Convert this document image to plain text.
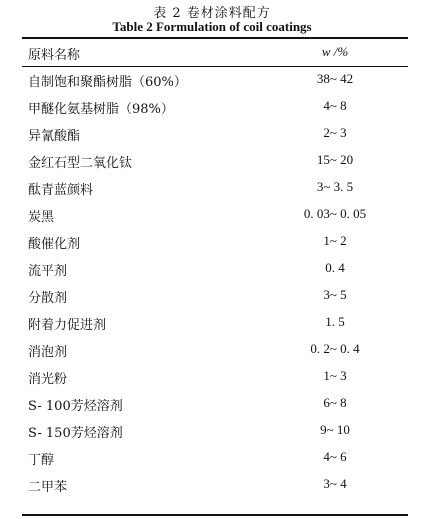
表 2 卷材涂料配方
Table 2 Formulation of coil coatings
原料名称	w /%
自制饱和聚酯树脂（60%）	38~ 42
甲醚化氨基树脂（98%）	4~ 8
异氰酸酯	2~ 3
金红石型二氧化钛	15~ 20
酞青蓝颜料	3~ 3. 5
炭黑	0. 03~ 0. 05
酸催化剂	1~ 2
流平剂	0. 4
分散剂	3~ 5
附着力促进剂	1. 5
消泡剂	0. 2~ 0. 4
消光粉	1~ 3
S- 100芳烃溶剂	6~ 8
S- 150芳烃溶剂	9~ 10
丁醇	4~ 6
二甲苯	3~ 4
